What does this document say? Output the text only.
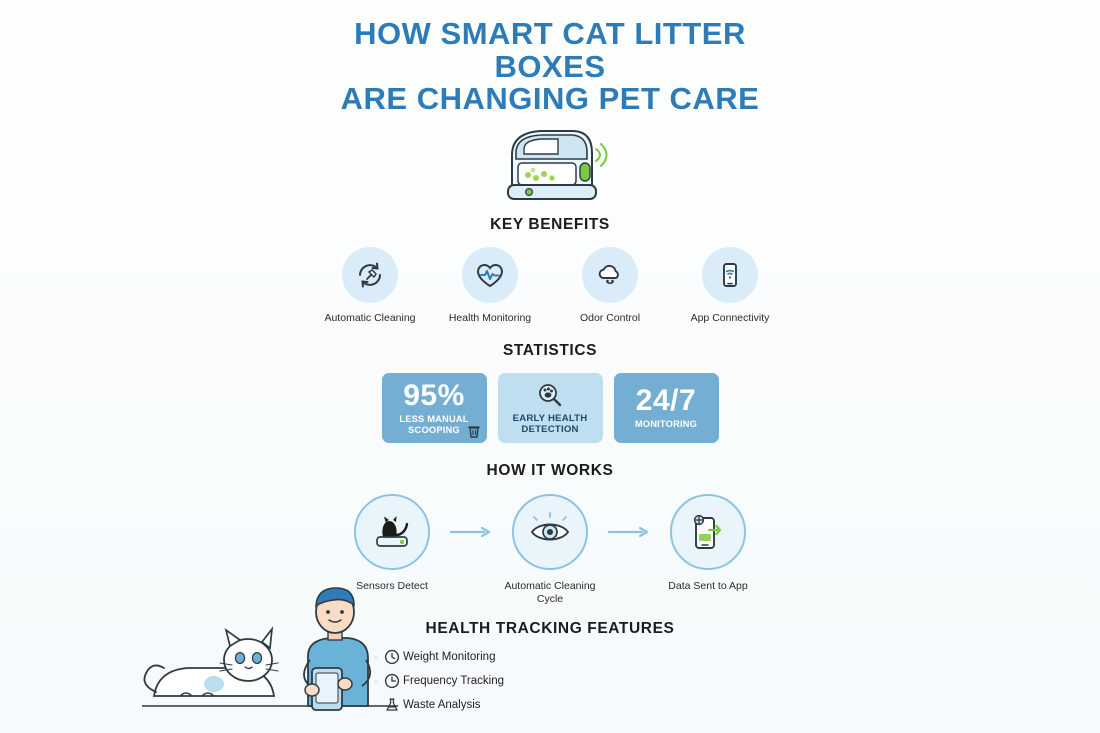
HOW SMART CAT LITTER BOXES
ARE CHANGING PET CARE
KEY BENEFITS
Automatic Cleaning	Health Monitoring	Odor Control	App Connectivity
STATISTICS
95%
LESS MANUAL SCOOPING
EARLY HEALTH DETECTION
24/7
MONITORING
HOW IT WORKS
Sensors Detect	Automatic Cleaning Cycle
Data Sent to App
HEALTH TRACKING FEATURES
◦	Weight Monitoring
◦	Frequency Tracking
◦	Waste Analysis
